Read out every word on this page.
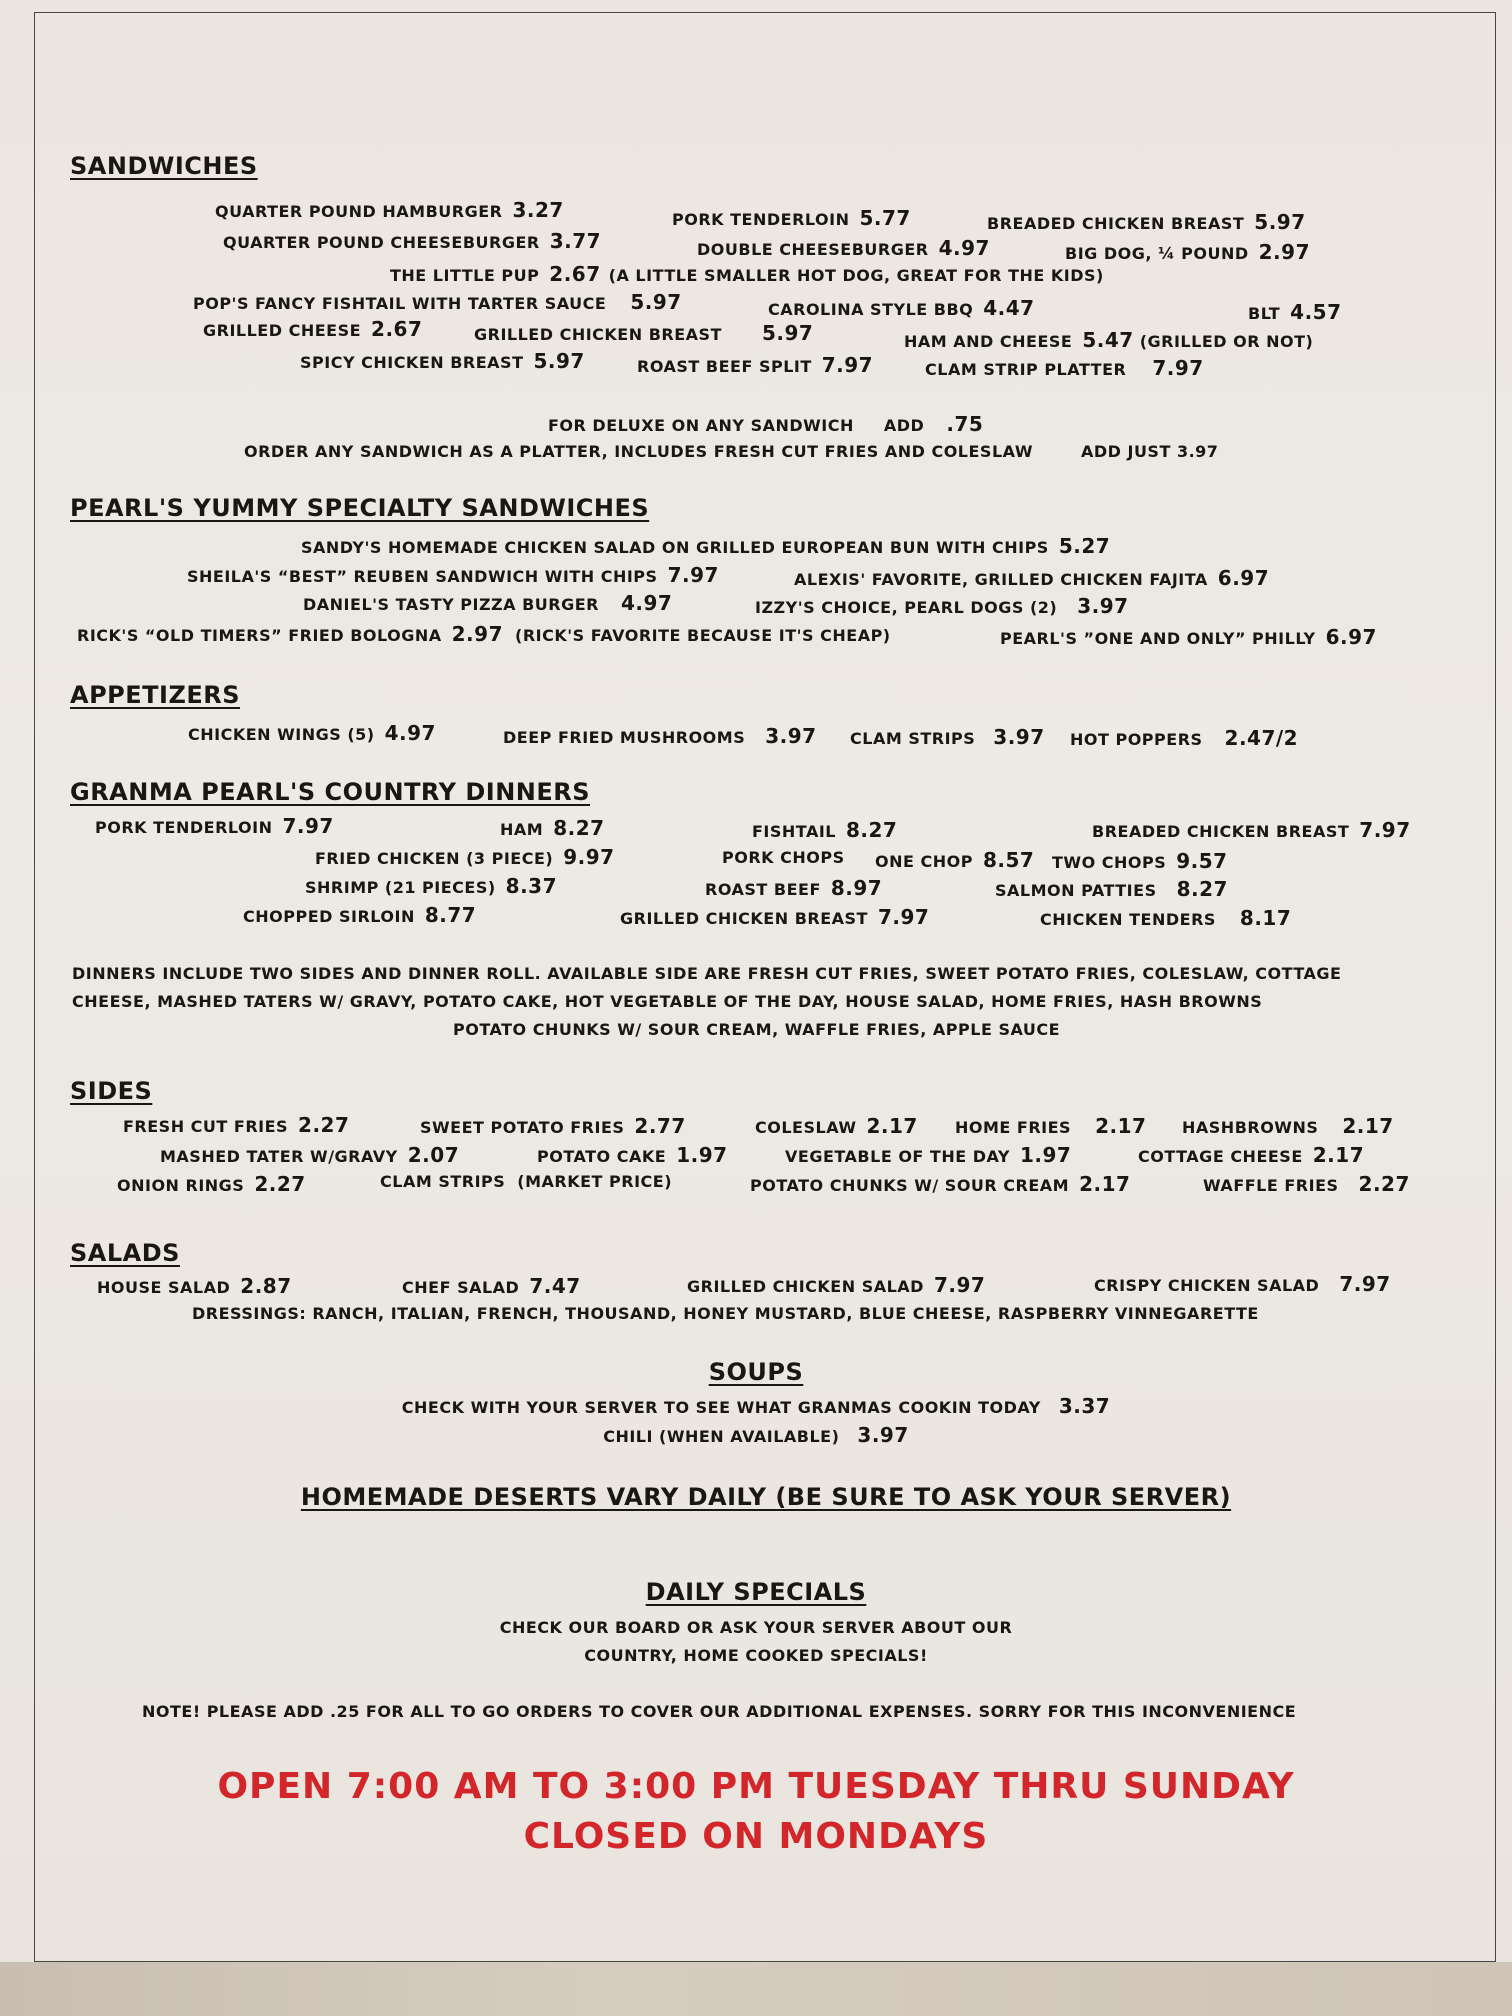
SANDWICHES
QUARTER POUND HAMBURGER 3.27	PORK TENDERLOIN 5.77	BREADED CHICKEN BREAST 5.97
QUARTER POUND CHEESEBURGER 3.77	DOUBLE CHEESEBURGER 4.97	BIG DOG, ¼ POUND 2.97
THE LITTLE PUP 2.67 (A LITTLE SMALLER HOT DOG, GREAT FOR THE KIDS)
POP'S FANCY FISHTAIL WITH TARTER SAUCE 5.97	CAROLINA STYLE BBQ 4.47	BLT 4.57
GRILLED CHEESE 2.67	GRILLED CHICKEN BREAST 5.97	HAM AND CHEESE 5.47 (GRILLED OR NOT)
SPICY CHICKEN BREAST 5.97	ROAST BEEF SPLIT 7.97	CLAM STRIP PLATTER 7.97
FOR DELUXE ON ANY SANDWICH ADD .75
ORDER ANY SANDWICH AS A PLATTER, INCLUDES FRESH CUT FRIES AND COLESLAW	ADD JUST 3.97
PEARL'S YUMMY SPECIALTY SANDWICHES
SANDY'S HOMEMADE CHICKEN SALAD ON GRILLED EUROPEAN BUN WITH CHIPS 5.27
SHEILA'S “BEST” REUBEN SANDWICH WITH CHIPS 7.97	ALEXIS' FAVORITE, GRILLED CHICKEN FAJITA 6.97
DANIEL'S TASTY PIZZA BURGER 4.97	IZZY'S CHOICE, PEARL DOGS (2) 3.97
RICK'S “OLD TIMERS” FRIED BOLOGNA 2.97 (RICK'S FAVORITE BECAUSE IT'S CHEAP)	PEARL'S ”ONE AND ONLY” PHILLY 6.97
APPETIZERS
CHICKEN WINGS (5) 4.97	DEEP FRIED MUSHROOMS 3.97 CLAM STRIPS 3.97 HOT POPPERS 2.47/2
GRANMA PEARL'S COUNTRY DINNERS
PORK TENDERLOIN 7.97	HAM 8.27	FISHTAIL 8.27	BREADED CHICKEN BREAST 7.97
FRIED CHICKEN (3 PIECE) 9.97	PORK CHOPS ONE CHOP 8.57 TWO CHOPS 9.57
SHRIMP (21 PIECES) 8.37	ROAST BEEF 8.97	SALMON PATTIES 8.27
CHOPPED SIRLOIN 8.77	GRILLED CHICKEN BREAST 7.97	CHICKEN TENDERS 8.17
DINNERS INCLUDE TWO SIDES AND DINNER ROLL. AVAILABLE SIDE ARE FRESH CUT FRIES, SWEET POTATO FRIES, COLESLAW, COTTAGE
CHEESE, MASHED TATERS W/ GRAVY, POTATO CAKE, HOT VEGETABLE OF THE DAY, HOUSE SALAD, HOME FRIES, HASH BROWNS
POTATO CHUNKS W/ SOUR CREAM, WAFFLE FRIES, APPLE SAUCE
SIDES
FRESH CUT FRIES 2.27	SWEET POTATO FRIES 2.77	COLESLAW 2.17 HOME FRIES 2.17 HASHBROWNS 2.17
MASHED TATER W/GRAVY 2.07	POTATO CAKE 1.97	VEGETABLE OF THE DAY 1.97	COTTAGE CHEESE 2.17
ONION RINGS 2.27	CLAM STRIPS (MARKET PRICE)	POTATO CHUNKS W/ SOUR CREAM 2.17	WAFFLE FRIES 2.27
SALADS
HOUSE SALAD 2.87	CHEF SALAD 7.47	GRILLED CHICKEN SALAD 7.97	CRISPY CHICKEN SALAD 7.97
DRESSINGS: RANCH, ITALIAN, FRENCH, THOUSAND, HONEY MUSTARD, BLUE CHEESE, RASPBERRY VINNEGARETTE
SOUPS
CHECK WITH YOUR SERVER TO SEE WHAT GRANMAS COOKIN TODAY 3.37
CHILI (WHEN AVAILABLE) 3.97
HOMEMADE DESERTS VARY DAILY (BE SURE TO ASK YOUR SERVER)
DAILY SPECIALS
CHECK OUR BOARD OR ASK YOUR SERVER ABOUT OUR
COUNTRY, HOME COOKED SPECIALS!
NOTE! PLEASE ADD .25 FOR ALL TO GO ORDERS TO COVER OUR ADDITIONAL EXPENSES. SORRY FOR THIS INCONVENIENCE
OPEN 7:00 AM TO 3:00 PM TUESDAY THRU SUNDAY
CLOSED ON MONDAYS
